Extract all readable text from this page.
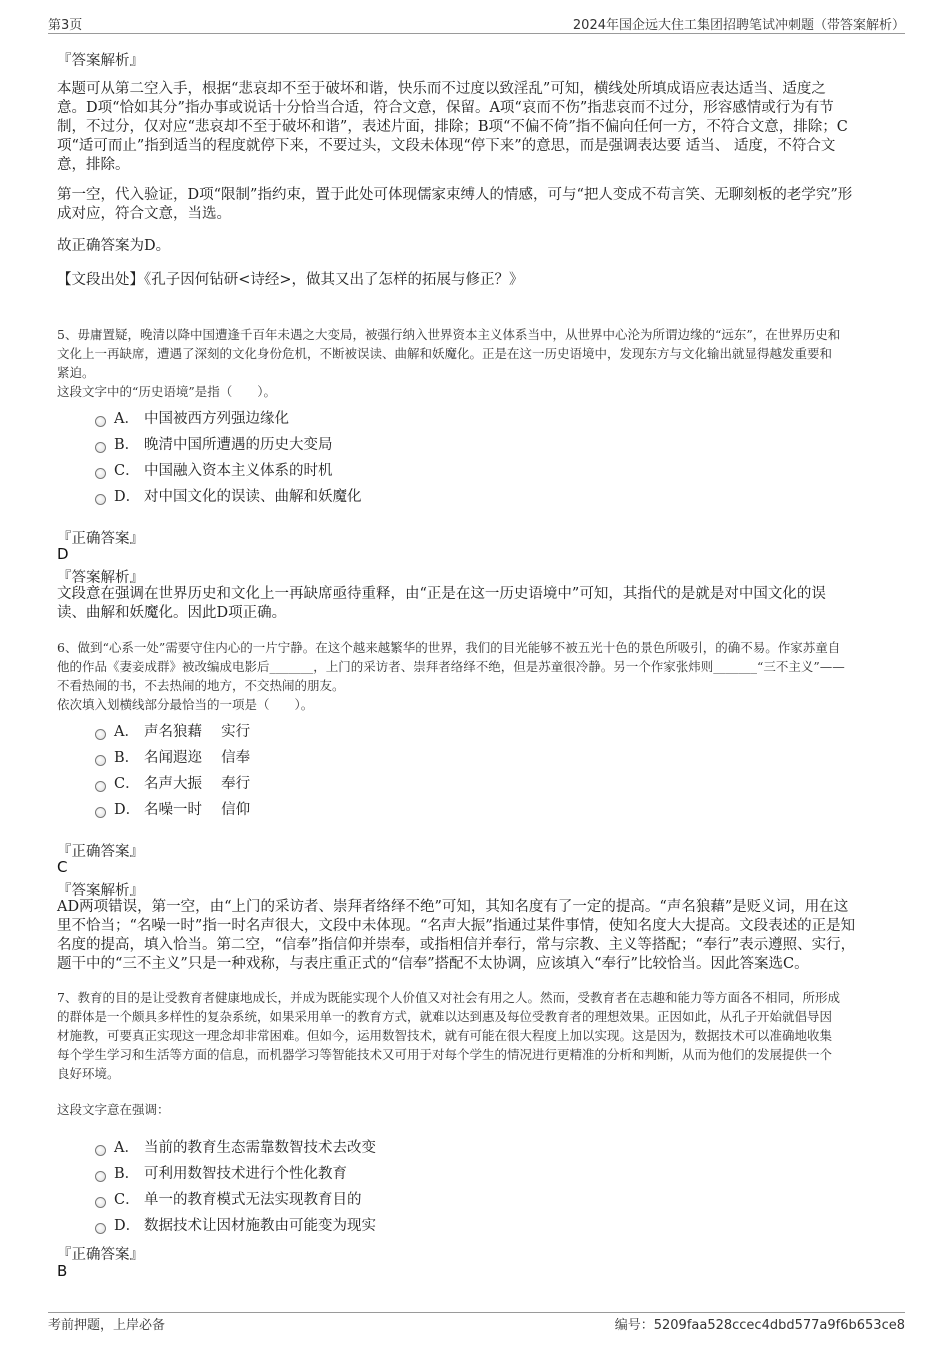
第3页	2024年国企远大住工集团招聘笔试冲刺题（带答案解析）
『答案解析』
本题可从第二空入手，根据“悲哀却不至于破坏和谐，快乐而不过度以致淫乱”可知，横线处所填成语应表达适当、适度之
意。D项“恰如其分”指办事或说话十分恰当合适，符合文意，保留。A项“哀而不伤”指悲哀而不过分，形容感情或行为有节
制，不过分，仅对应“悲哀却不至于破坏和谐”，表述片面，排除；B项“不偏不倚”指不偏向任何一方，不符合文意，排除；C
项“适可而止”指到适当的程度就停下来，不要过头，文段未体现“停下来”的意思，而是强调表达要 适当、 适度，不符合文
意，排除。
第一空，代入验证，D项“限制”指约束，置于此处可体现儒家束缚人的情感，可与“把人变成不苟言笑、无聊刻板的老学究”形
成对应，符合文意，当选。
故正确答案为D。
【文段出处】《孔子因何钻研<诗经>，做其又出了怎样的拓展与修正？》
5、毋庸置疑，晚清以降中国遭逢千百年未遇之大变局，被强行纳入世界资本主义体系当中，从世界中心沦为所谓边缘的“远东”，在世界历史和
文化上一再缺席，遭遇了深刻的文化身份危机，不断被误读、曲解和妖魔化。正是在这一历史语境中，发现东方与文化输出就显得越发重要和
紧迫。
这段文字中的“历史语境”是指（　　）。
A． 中国被西方列强边缘化
B． 晚清中国所遭遇的历史大变局
C． 中国融入资本主义体系的时机
D． 对中国文化的误读、曲解和妖魔化
『正确答案』
D
『答案解析』
文段意在强调在世界历史和文化上一再缺席亟待重释，由“正是在这一历史语境中”可知，其指代的是就是对中国文化的误
读、曲解和妖魔化。因此D项正确。
6、做到“心系一处”需要守住内心的一片宁静。在这个越来越繁华的世界，我们的目光能够不被五光十色的景色所吸引，的确不易。作家苏童自
他的作品《妻妾成群》被改编成电影后_______，上门的采访者、崇拜者络绎不绝，但是苏童很冷静。另一个作家张炜则_______“三不主义”——
不看热闹的书，不去热闹的地方，不交热闹的朋友。
依次填入划横线部分最恰当的一项是（　　）。
A． 声名狼藉　 实行
B． 名闻遐迩　 信奉
C． 名声大振　 奉行
D． 名噪一时　 信仰
『正确答案』
C
『答案解析』
AD两项错误，第一空，由“上门的采访者、崇拜者络绎不绝”可知，其知名度有了一定的提高。“声名狼藉”是贬义词，用在这
里不恰当；“名噪一时”指一时名声很大，文段中未体现。“名声大振”指通过某件事情，使知名度大大提高。文段表述的正是知
名度的提高，填入恰当。第二空，“信奉”指信仰并崇奉，或指相信并奉行，常与宗教、主义等搭配；“奉行”表示遵照、实行，
题干中的“三不主义”只是一种戏称，与表庄重正式的“信奉”搭配不太协调，应该填入“奉行”比较恰当。因此答案选C。
7、教育的目的是让受教育者健康地成长，并成为既能实现个人价值又对社会有用之人。然而，受教育者在志趣和能力等方面各不相同，所形成
的群体是一个颇具多样性的复杂系统，如果采用单一的教育方式，就难以达到惠及每位受教育者的理想效果。正因如此，从孔子开始就倡导因
材施教，可要真正实现这一理念却非常困难。但如今，运用数智技术，就有可能在很大程度上加以实现。这是因为，数据技术可以准确地收集
每个学生学习和生活等方面的信息，而机器学习等智能技术又可用于对每个学生的情况进行更精准的分析和判断，从而为他们的发展提供一个
良好环境。
这段文字意在强调：
A． 当前的教育生态需靠数智技术去改变
B． 可利用数智技术进行个性化教育
C． 单一的教育模式无法实现教育目的
D． 数据技术让因材施教由可能变为现实
『正确答案』
B
考前押题，上岸必备	编号：5209faa528ccec4dbd577a9f6b653ce8
